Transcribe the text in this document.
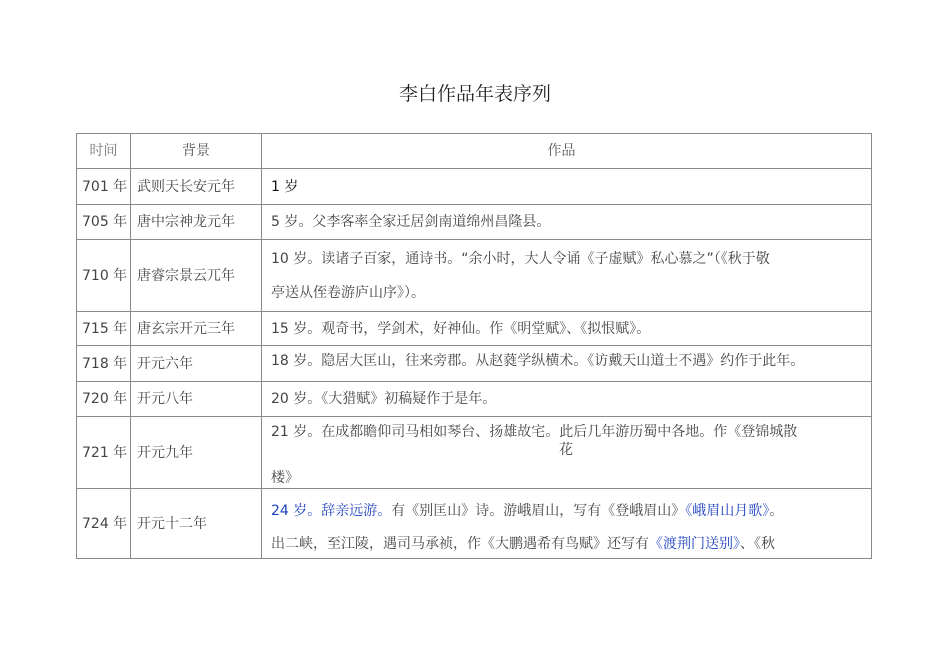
李白作品年表序列
时间	背景	作品
701 年	武则天长安元年	1 岁
705 年	唐中宗神龙元年	5 岁。父李客率全家迁居剑南道绵州昌隆县。
710 年	唐睿宗景云兀年	10 岁。读诸子百家，通诗书。“余小时，大人令诵《子虚赋》私心慕之”（《秋于敬
亭送从侄卷游庐山序》）。

715 年	唐玄宗开元三年	15 岁。观奇书，学剑术，好神仙。作《明堂赋》、《拟恨赋》。
718 年	开元六年	18 岁。隐居大匡山，往来旁郡。从赵蕤学纵横术。《访戴天山道士不遇》约作于此年。

720 年	开元八年	20 岁。《大猎赋》初稿疑作于是年。
721 年	开元九年	21 岁。在成都瞻仰司马相如琴台、扬雄故宅。此后几年游历蜀中各地。作《登锦城散
花
楼》

724 年	开元十二年	24 岁。辞亲远游。有《别匡山》诗。游峨眉山，写有《登峨眉山》《峨眉山月歌》。
出二峡，至江陵，遇司马承祯，作《大鹏遇希有鸟赋》还写有《渡荆门送别》、《秋
